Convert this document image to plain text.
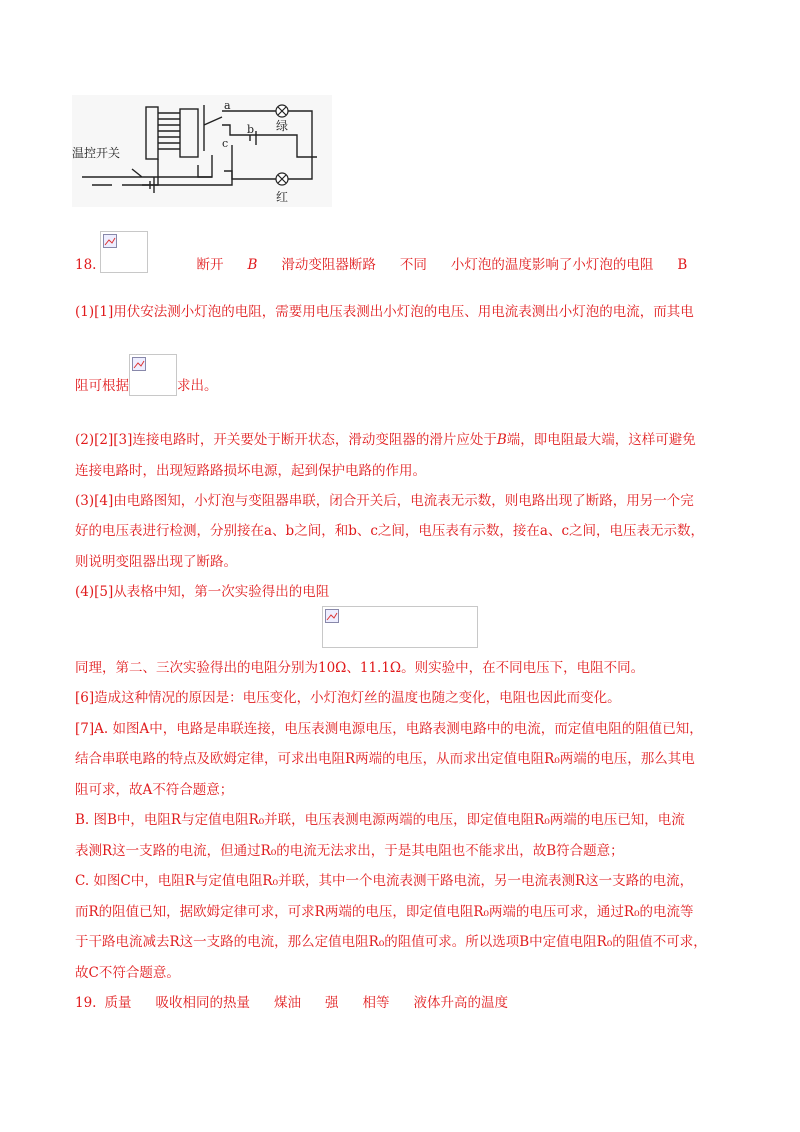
温控开关
a
b
c
绿
红
18.	断开 B 滑动变阻器断路 不同 小灯泡的温度影响了小灯泡的电阻 B
(1)[1]用伏安法测小灯泡的电阻，需要用电压表测出小灯泡的电压、用电流表测出小灯泡的电流，而其电
阻可根据	求出。
(2)[2][3]连接电路时，开关要处于断开状态，滑动变阻器的滑片应处于B端，即电阻最大端，这样可避免
连接电路时，出现短路路损坏电源，起到保护电路的作用。
(3)[4]由电路图知，小灯泡与变阻器串联，闭合开关后，电流表无示数，则电路出现了断路，用另一个完
好的电压表进行检测，分别接在a、b之间，和b、c之间，电压表有示数，接在a、c之间，电压表无示数，
则说明变阻器出现了断路。
(4)[5]从表格中知，第一次实验得出的电阻
同理，第二、三次实验得出的电阻分别为10Ω、11.1Ω。则实验中，在不同电压下，电阻不同。
[6]造成这种情况的原因是：电压变化，小灯泡灯丝的温度也随之变化，电阻也因此而变化。
[7]A. 如图A中，电路是串联连接，电压表测电源电压，电路表测电路中的电流，而定值电阻的阻值已知，
结合串联电路的特点及欧姆定律，可求出电阻R两端的电压，从而求出定值电阻R₀两端的电压，那么其电
阻可求，故A不符合题意；
B. 图B中，电阻R与定值电阻R₀并联，电压表测电源两端的电压，即定值电阻R₀两端的电压已知，电流
表测R这一支路的电流，但通过R₀的电流无法求出，于是其电阻也不能求出，故B符合题意；
C. 如图C中，电阻R与定值电阻R₀并联，其中一个电流表测干路电流，另一电流表测R这一支路的电流，
而R的阻值已知，据欧姆定律可求，可求R两端的电压，即定值电阻R₀两端的电压可求，通过R₀的电流等
于干路电流减去R这一支路的电流，那么定值电阻R₀的阻值可求。所以选项B中定值电阻R₀的阻值不可求，
故C不符合题意。
19. 质量 吸收相同的热量 煤油 强 相等 液体升高的温度
